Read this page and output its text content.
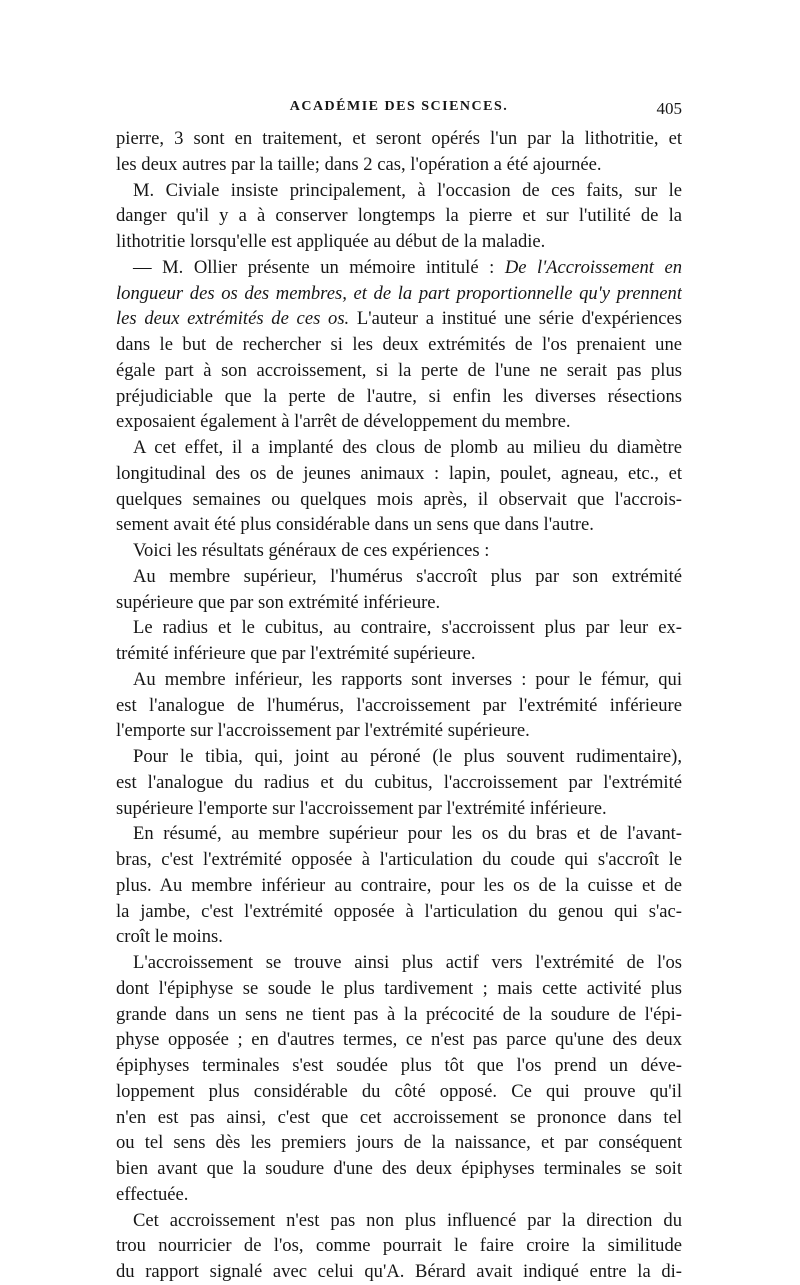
ACADÉMIE DES SCIENCES.	405
pierre, 3 sont en traitement, et seront opérés l'un par la lithotritie, et
les deux autres par la taille; dans 2 cas, l'opération a été ajournée.
M. Civiale insiste principalement, à l'occasion de ces faits, sur le
danger qu'il y a à conserver longtemps la pierre et sur l'utilité de la
lithotritie lorsqu'elle est appliquée au début de la maladie.
— M. Ollier présente un mémoire intitulé : De l'Accroissement en
longueur des os des membres, et de la part proportionnelle qu'y prennent
les deux extrémités de ces os. L'auteur a institué une série d'expériences
dans le but de rechercher si les deux extrémités de l'os prenaient une
égale part à son accroissement, si la perte de l'une ne serait pas plus
préjudiciable que la perte de l'autre, si enfin les diverses résections
exposaient également à l'arrêt de développement du membre.
A cet effet, il a implanté des clous de plomb au milieu du diamètre
longitudinal des os de jeunes animaux : lapin, poulet, agneau, etc., et
quelques semaines ou quelques mois après, il observait que l'accrois-
sement avait été plus considérable dans un sens que dans l'autre.
Voici les résultats généraux de ces expériences :
Au membre supérieur, l'humérus s'accroît plus par son extrémité
supérieure que par son extrémité inférieure.
Le radius et le cubitus, au contraire, s'accroissent plus par leur ex-
trémité inférieure que par l'extrémité supérieure.
Au membre inférieur, les rapports sont inverses : pour le fémur, qui
est l'analogue de l'humérus, l'accroissement par l'extrémité inférieure
l'emporte sur l'accroissement par l'extrémité supérieure.
Pour le tibia, qui, joint au péroné (le plus souvent rudimentaire),
est l'analogue du radius et du cubitus, l'accroissement par l'extrémité
supérieure l'emporte sur l'accroissement par l'extrémité inférieure.
En résumé, au membre supérieur pour les os du bras et de l'avant-
bras, c'est l'extrémité opposée à l'articulation du coude qui s'accroît le
plus. Au membre inférieur au contraire, pour les os de la cuisse et de
la jambe, c'est l'extrémité opposée à l'articulation du genou qui s'ac-
croît le moins.
L'accroissement se trouve ainsi plus actif vers l'extrémité de l'os
dont l'épiphyse se soude le plus tardivement ; mais cette activité plus
grande dans un sens ne tient pas à la précocité de la soudure de l'épi-
physe opposée ; en d'autres termes, ce n'est pas parce qu'une des deux
épiphyses terminales s'est soudée plus tôt que l'os prend un déve-
loppement plus considérable du côté opposé. Ce qui prouve qu'il
n'en est pas ainsi, c'est que cet accroissement se prononce dans tel
ou tel sens dès les premiers jours de la naissance, et par conséquent
bien avant que la soudure d'une des deux épiphyses terminales se soit
effectuée.
Cet accroissement n'est pas non plus influencé par la direction du
trou nourricier de l'os, comme pourrait le faire croire la similitude
du rapport signalé avec celui qu'A. Bérard avait indiqué entre la di-
